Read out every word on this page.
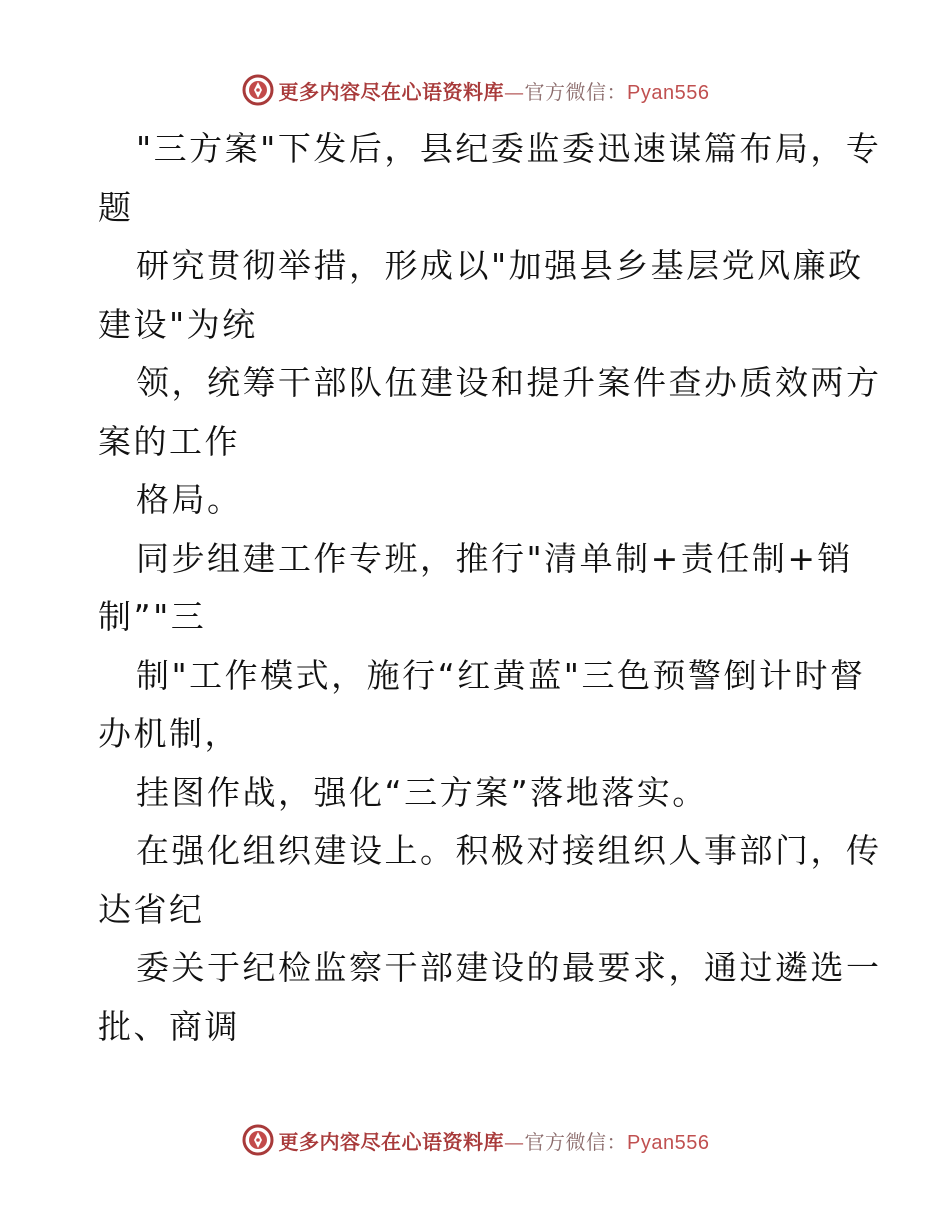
更多内容尽在心语资料库—官方微信：Pyan556
"三方案"下发后，县纪委监委迅速谋篇布局，专
题
研究贯彻举措，形成以"加强县乡基层党风廉政
建设"为统
领，统筹干部队伍建设和提升案件查办质效两方
案的工作
格局。
同步组建工作专班，推行"清单制+责任制+销
制”"三
制"工作模式，施行“红黄蓝"三色预警倒计时督
办机制，
挂图作战，强化“三方案”落地落实。
在强化组织建设上。积极对接组织人事部门，传
达省纪
委关于纪检监察干部建设的最要求，通过遴选一
批、商调
更多内容尽在心语资料库—官方微信：Pyan556
